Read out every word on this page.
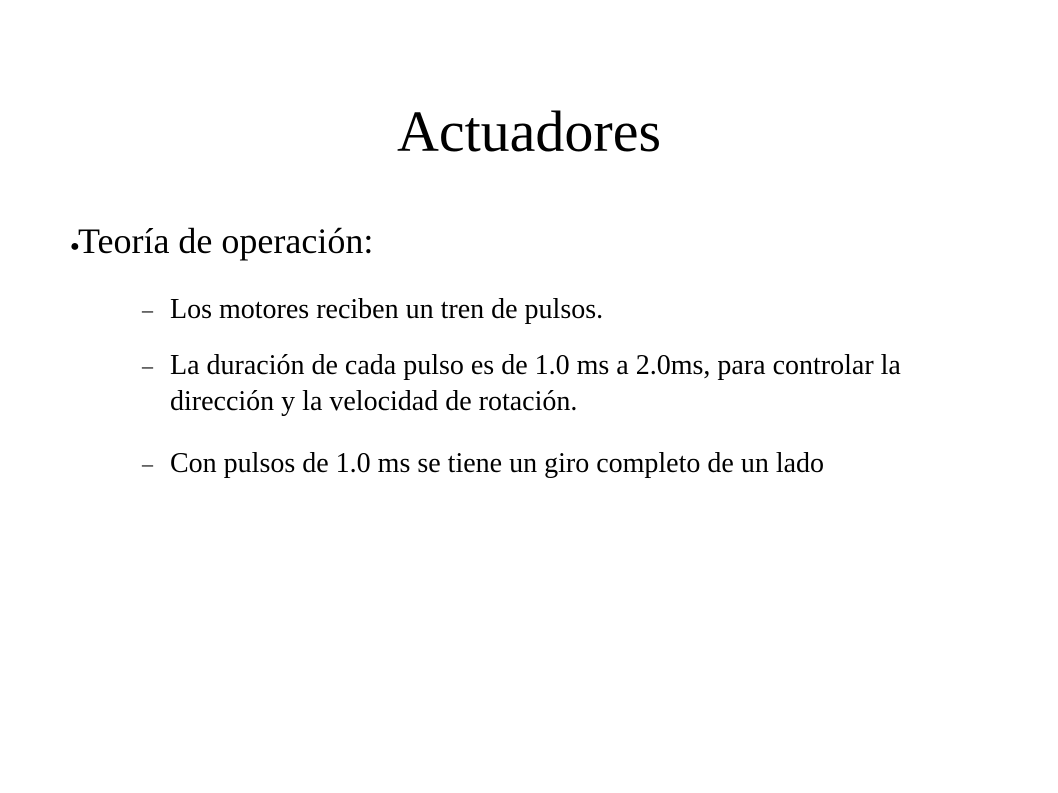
Actuadores
●Teoría de operación:
– Los motores reciben un tren de pulsos.
– La duración de cada pulso es de 1.0 ms a 2.0ms, para controlar la dirección y la velocidad de rotación.
– Con pulsos de 1.0 ms se tiene un giro completo de un lado
